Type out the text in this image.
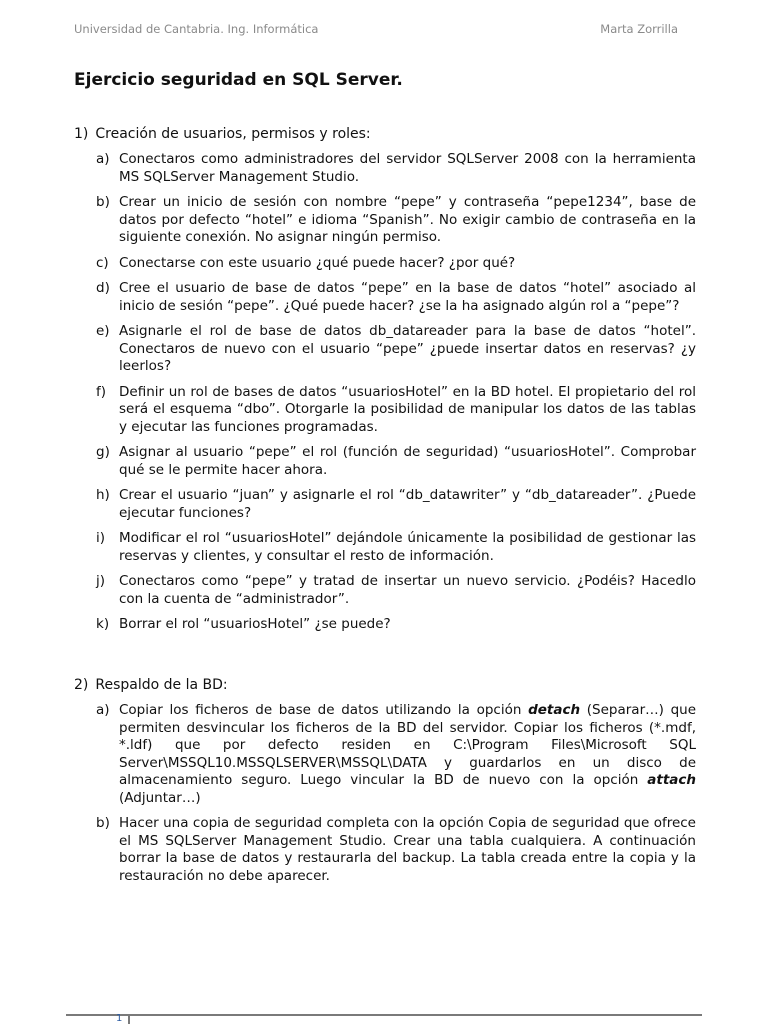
Universidad de Cantabria. Ing. Informática	Marta Zorrilla
Ejercicio seguridad en SQL Server.
1) Creación de usuarios, permisos y roles:
a) Conectaros como administradores del servidor SQLServer 2008 con la herramienta MS SQLServer Management Studio.
b) Crear un inicio de sesión con nombre “pepe” y contraseña “pepe1234”, base de datos por defecto “hotel” e idioma “Spanish”. No exigir cambio de contraseña en la siguiente conexión. No asignar ningún permiso.
c) Conectarse con este usuario ¿qué puede hacer? ¿por qué?
d) Cree el usuario de base de datos “pepe” en la base de datos “hotel” asociado al inicio de sesión “pepe”. ¿Qué puede hacer? ¿se la ha asignado algún rol a “pepe”?
e) Asignarle el rol de base de datos db_datareader para la base de datos “hotel”. Conectaros de nuevo con el usuario “pepe” ¿puede insertar datos en reservas? ¿y leerlos?
f) Definir un rol de bases de datos “usuariosHotel” en la BD hotel. El propietario del rol será el esquema “dbo”. Otorgarle la posibilidad de manipular los datos de las tablas y ejecutar las funciones programadas.
g) Asignar al usuario “pepe” el rol (función de seguridad) “usuariosHotel”. Comprobar qué se le permite hacer ahora.
h) Crear el usuario “juan” y asignarle el rol “db_datawriter” y “db_datareader”. ¿Puede ejecutar funciones?
i) Modificar el rol “usuariosHotel” dejándole únicamente la posibilidad de gestionar las reservas y clientes, y consultar el resto de información.
j) Conectaros como “pepe” y tratad de insertar un nuevo servicio. ¿Podéis? Hacedlo con la cuenta de “administrador”.
k) Borrar el rol “usuariosHotel” ¿se puede?
2) Respaldo de la BD:
a) Copiar los ficheros de base de datos utilizando la opción detach (Separar…) que permiten desvincular los ficheros de la BD del servidor. Copiar los ficheros (*.mdf, *.ldf) que por defecto residen en C:\Program Files\Microsoft SQL Server\MSSQL10.MSSQLSERVER\MSSQL\DATA y guardarlos en un disco de almacenamiento seguro. Luego vincular la BD de nuevo con la opción attach (Adjuntar…)
b) Hacer una copia de seguridad completa con la opción Copia de seguridad que ofrece el MS SQLServer Management Studio. Crear una tabla cualquiera. A continuación borrar la base de datos y restaurarla del backup. La tabla creada entre la copia y la restauración no debe aparecer.
1
